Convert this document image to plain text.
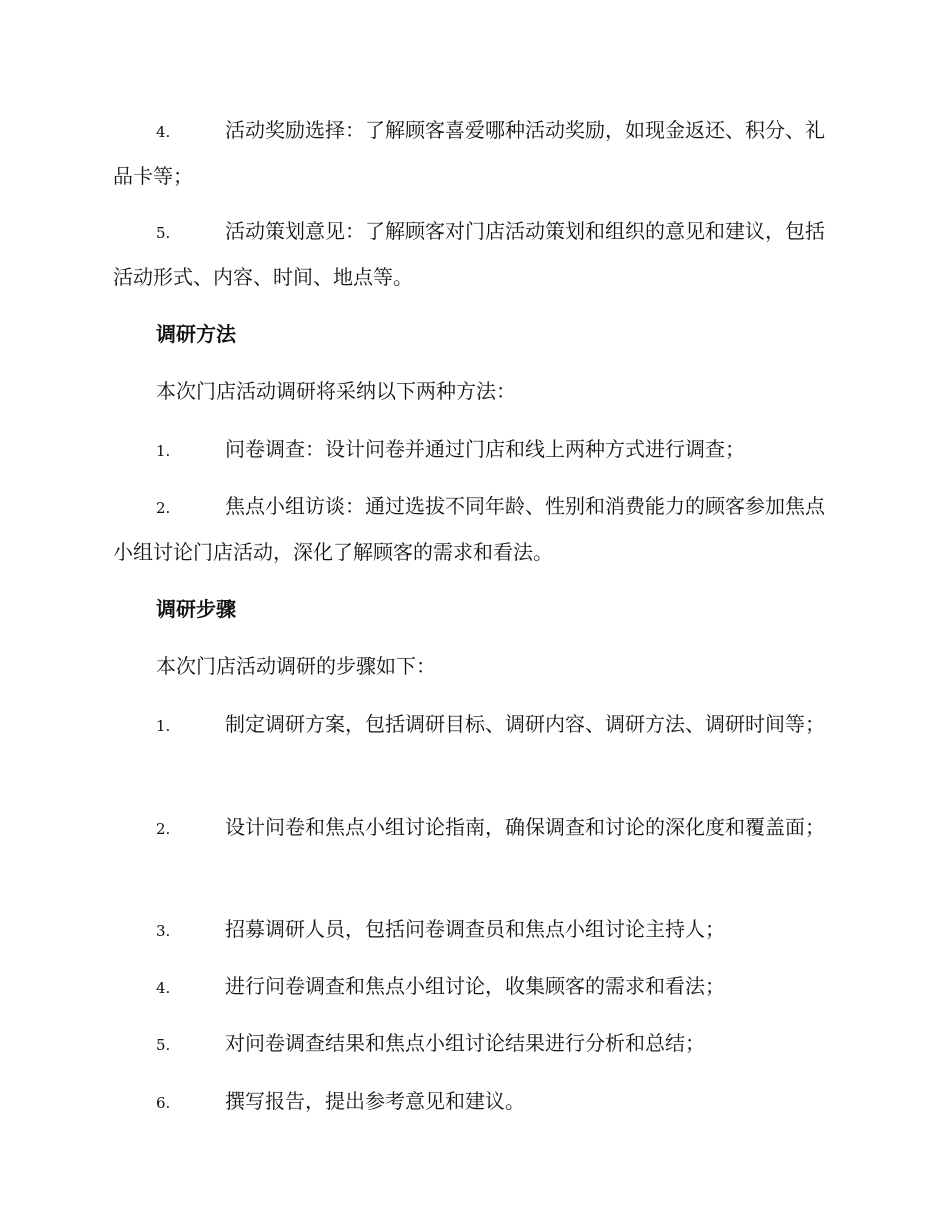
4.	活动奖励选择：了解顾客喜爱哪种活动奖励，如现金返还、积分、礼品卡等；
5.	活动策划意见：了解顾客对门店活动策划和组织的意见和建议，包括活动形式、内容、时间、地点等。
调研方法
本次门店活动调研将采纳以下两种方法：
1.	问卷调查：设计问卷并通过门店和线上两种方式进行调查；
2.	焦点小组访谈：通过选拔不同年龄、性别和消费能力的顾客参加焦点小组讨论门店活动，深化了解顾客的需求和看法。
调研步骤
本次门店活动调研的步骤如下：
1.	制定调研方案，包括调研目标、调研内容、调研方法、调研时间等；
2.	设计问卷和焦点小组讨论指南，确保调查和讨论的深化度和覆盖面；
3.	招募调研人员，包括问卷调查员和焦点小组讨论主持人；
4.	进行问卷调查和焦点小组讨论，收集顾客的需求和看法；
5.	对问卷调查结果和焦点小组讨论结果进行分析和总结；
6.	撰写报告，提出参考意见和建议。
